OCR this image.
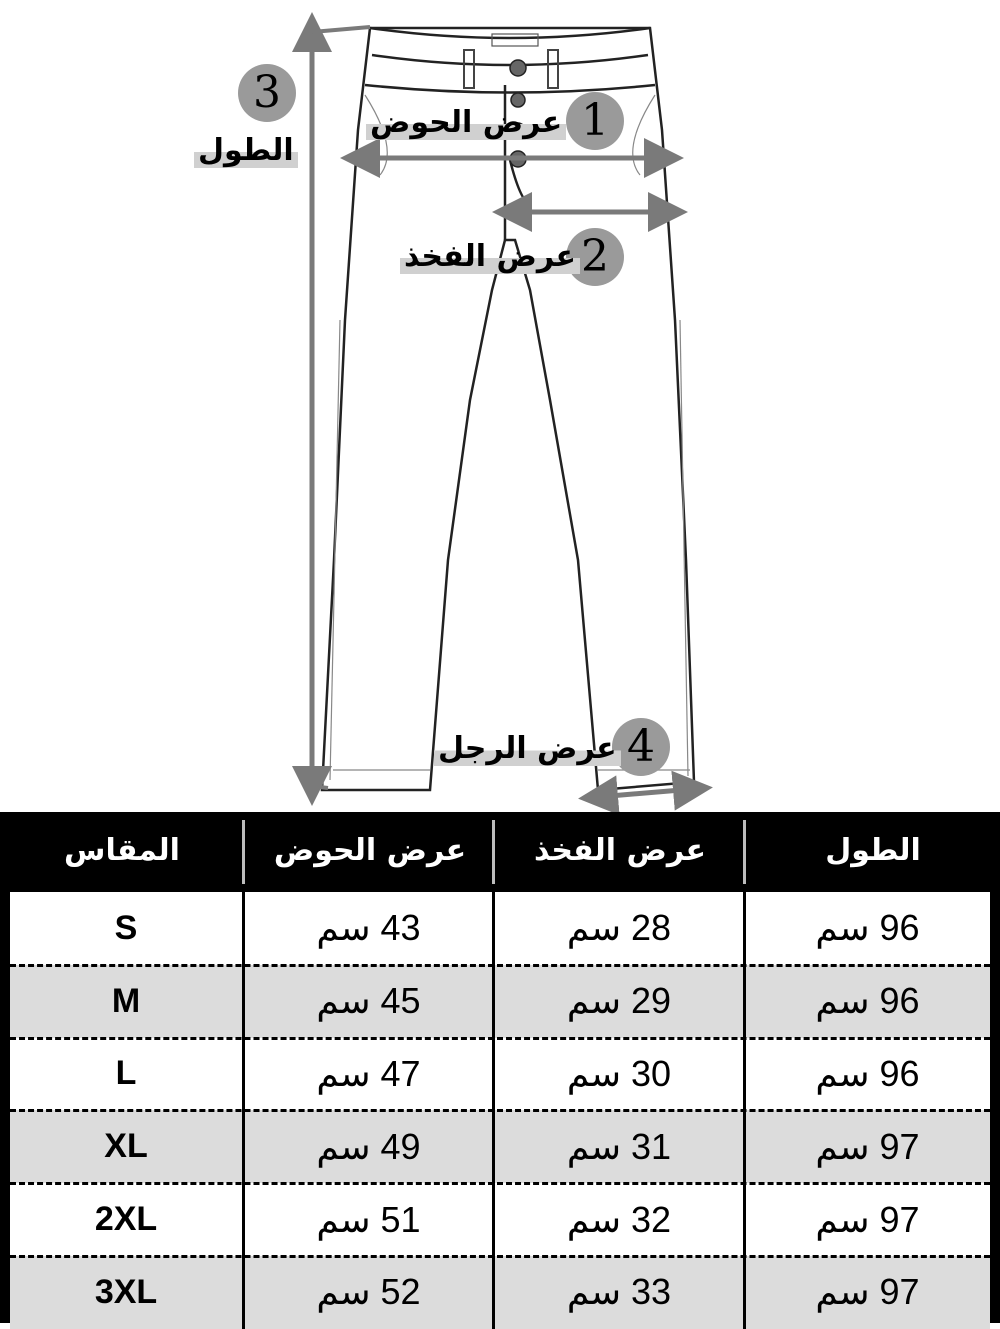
1
عرض الحوض
2
عرض الفخذ
3
الطول
4
عرض الرجل
المقاس	عرض الحوض	عرض الفخذ	الطول
S	سم 43	سم 28	سم 96
M	سم 45	سم 29	سم 96
L	سم 47	سم 30	سم 96
XL	سم 49	سم 31	سم 97
2XL	سم 51	سم 32	سم 97
3XL	سم 52	سم 33	سم 97
